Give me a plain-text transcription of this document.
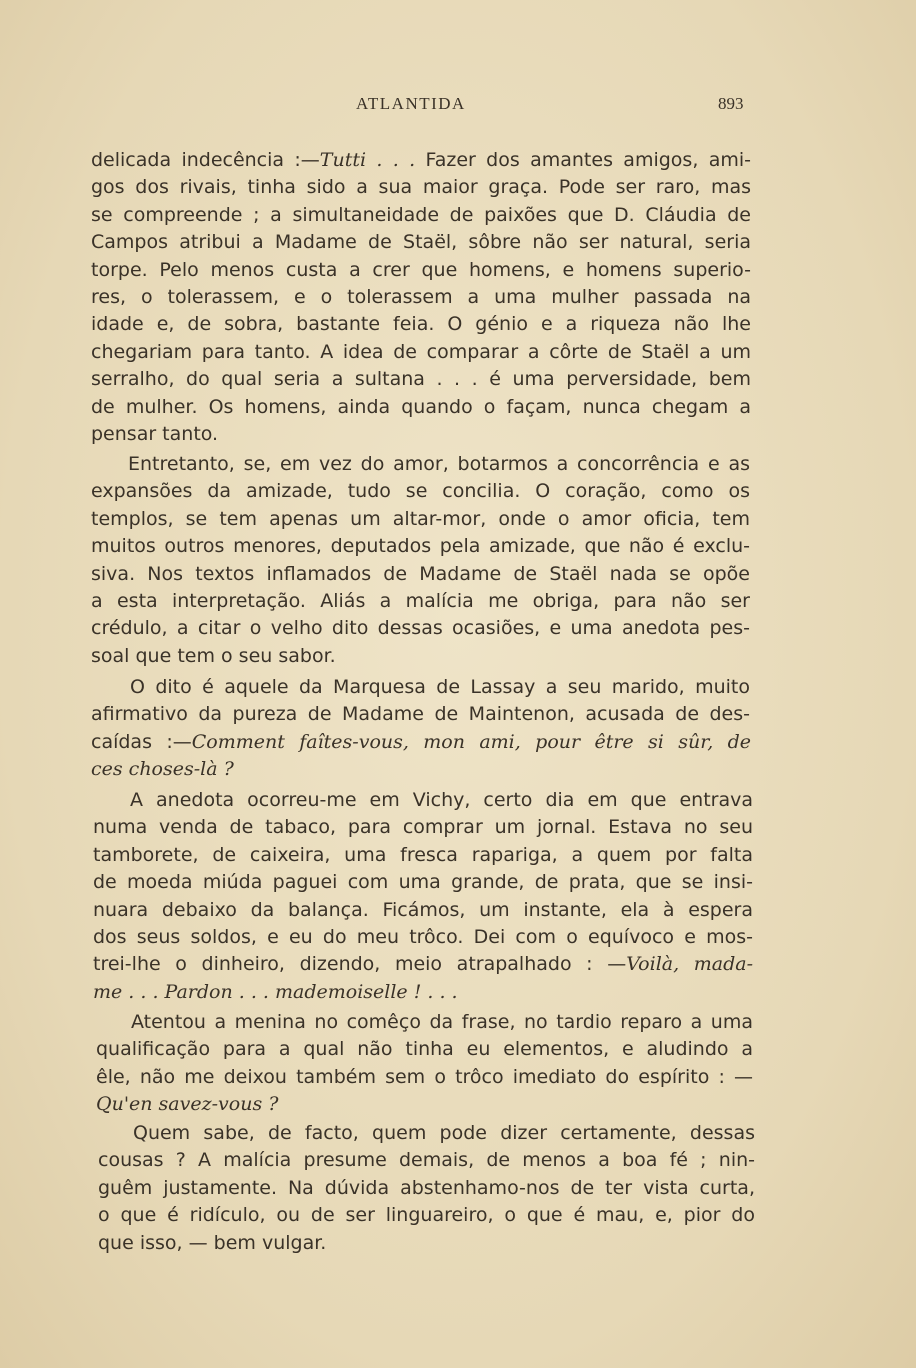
ATLANTIDA	893
delicada indecência :—Tutti . . . Fazer dos amantes amigos, ami-
gos dos rivais, tinha sido a sua maior graça. Pode ser raro, mas
se compreende ; a simultaneidade de paixões que D. Cláudia de
Campos atribui a Madame de Staël, sôbre não ser natural, seria
torpe. Pelo menos custa a crer que homens, e homens superio-
res, o tolerassem, e o tolerassem a uma mulher passada na
idade e, de sobra, bastante feia. O génio e a riqueza não lhe
chegariam para tanto. A idea de comparar a côrte de Staël a um
serralho, do qual seria a sultana . . . é uma perversidade, bem
de mulher. Os homens, ainda quando o façam, nunca chegam a
pensar tanto.
Entretanto, se, em vez do amor, botarmos a concorrência e as
expansões da amizade, tudo se concilia. O coração, como os
templos, se tem apenas um altar-mor, onde o amor oficia, tem
muitos outros menores, deputados pela amizade, que não é exclu-
siva. Nos textos inflamados de Madame de Staël nada se opõe
a esta interpretação. Aliás a malícia me obriga, para não ser
crédulo, a citar o velho dito dessas ocasiões, e uma anedota pes-
soal que tem o seu sabor.
O dito é aquele da Marquesa de Lassay a seu marido, muito
afirmativo da pureza de Madame de Maintenon, acusada de des-
caídas :—Comment faîtes-vous, mon ami, pour être si sûr, de
ces choses-là ?
A anedota ocorreu-me em Vichy, certo dia em que entrava
numa venda de tabaco, para comprar um jornal. Estava no seu
tamborete, de caixeira, uma fresca rapariga, a quem por falta
de moeda miúda paguei com uma grande, de prata, que se insi-
nuara debaixo da balança. Ficámos, um instante, ela à espera
dos seus soldos, e eu do meu trôco. Dei com o equívoco e mos-
trei-lhe o dinheiro, dizendo, meio atrapalhado : —Voilà, mada-
me . . . Pardon . . . mademoiselle ! . . .
Atentou a menina no comêço da frase, no tardio reparo a uma
qualificação para a qual não tinha eu elementos, e aludindo a
êle, não me deixou também sem o trôco imediato do espírito : —
Qu'en savez-vous ?
Quem sabe, de facto, quem pode dizer certamente, dessas
cousas ? A malícia presume demais, de menos a boa fé ; nin-
guêm justamente. Na dúvida abstenhamo-nos de ter vista curta,
o que é ridículo, ou de ser linguareiro, o que é mau, e, pior do
que isso, — bem vulgar.
